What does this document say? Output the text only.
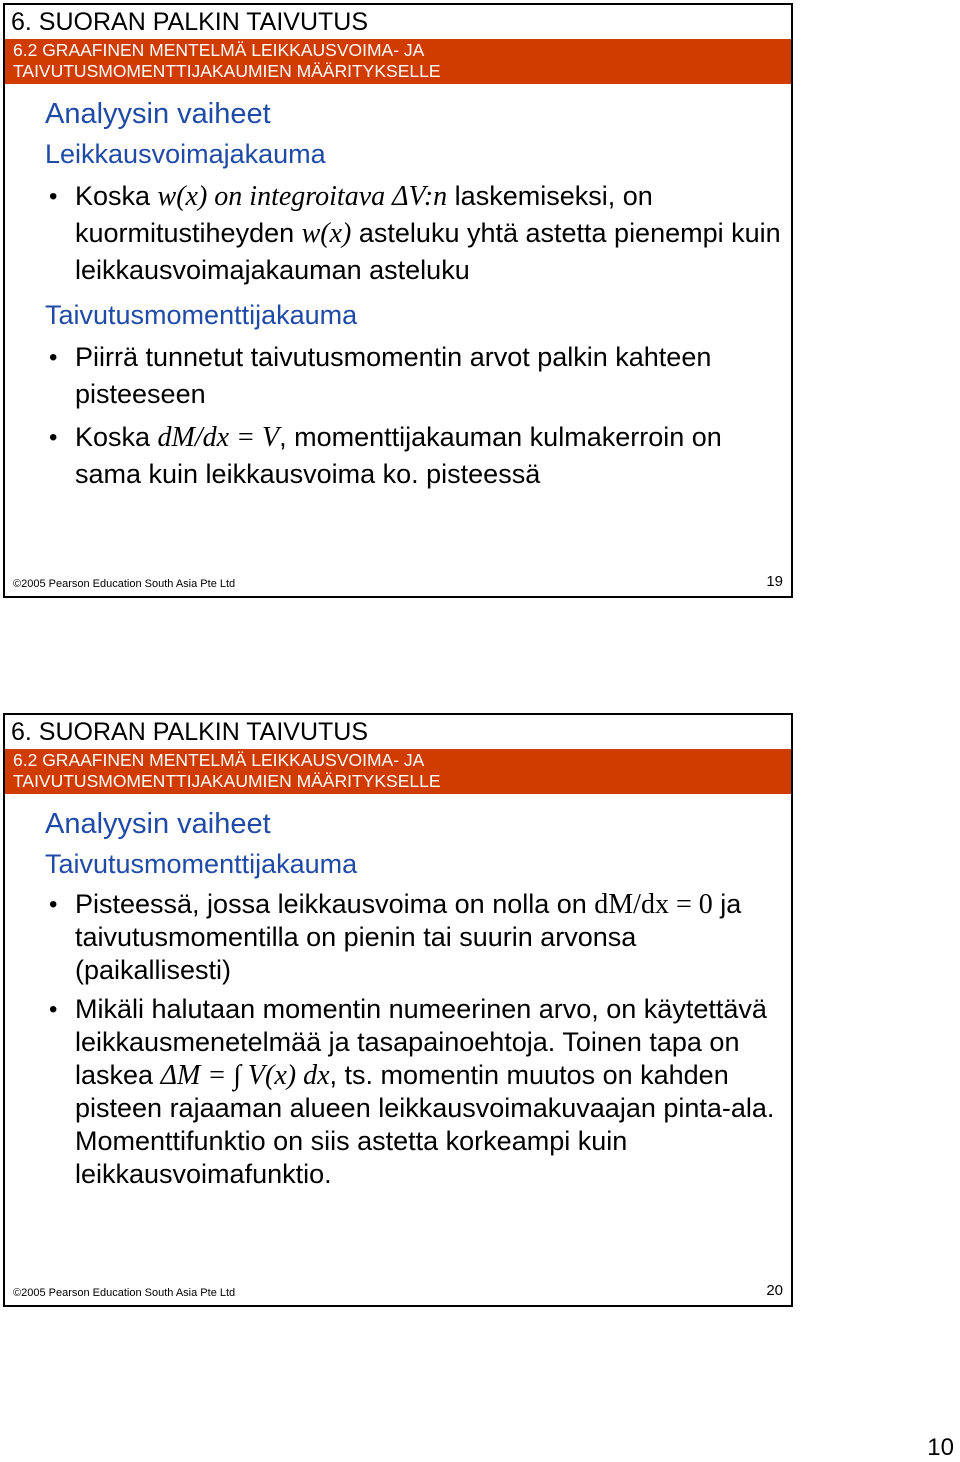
6. SUORAN PALKIN TAIVUTUS
6.2 GRAAFINEN MENTELMÄ LEIKKAUSVOIMA- JA
TAIVUTUSMOMENTTIJAKAUMIEN MÄÄRITYKSELLE
Analyysin vaiheet
Leikkausvoimajakauma
• Koska w(x) on integroitava ΔV:n laskemiseksi, on kuormitustiheyden w(x) asteluku yhtä astetta pienempi kuin leikkausvoimajakauman asteluku
Taivutusmomenttijakauma
• Piirrä tunnetut taivutusmomentin arvot palkin kahteen pisteeseen
• Koska dM/dx = V, momenttijakauman kulmakerroin on sama kuin leikkausvoima ko. pisteessä
©2005 Pearson Education South Asia Pte Ltd	19
6. SUORAN PALKIN TAIVUTUS
6.2 GRAAFINEN MENTELMÄ LEIKKAUSVOIMA- JA
TAIVUTUSMOMENTTIJAKAUMIEN MÄÄRITYKSELLE
Analyysin vaiheet
Taivutusmomenttijakauma
• Pisteessä, jossa leikkausvoima on nolla on dM/dx = 0 ja taivutusmomentilla on pienin tai suurin arvonsa (paikallisesti)
• Mikäli halutaan momentin numeerinen arvo, on käytettävä leikkausmenetelmää ja tasapainoehtoja. Toinen tapa on laskea ΔM = ∫ V(x) dx, ts. momentin muutos on kahden pisteen rajaaman alueen leikkausvoimakuvaajan pinta-ala. Momenttifunktio on siis astetta korkeampi kuin leikkausvoimafunktio.
©2005 Pearson Education South Asia Pte Ltd	20
10
